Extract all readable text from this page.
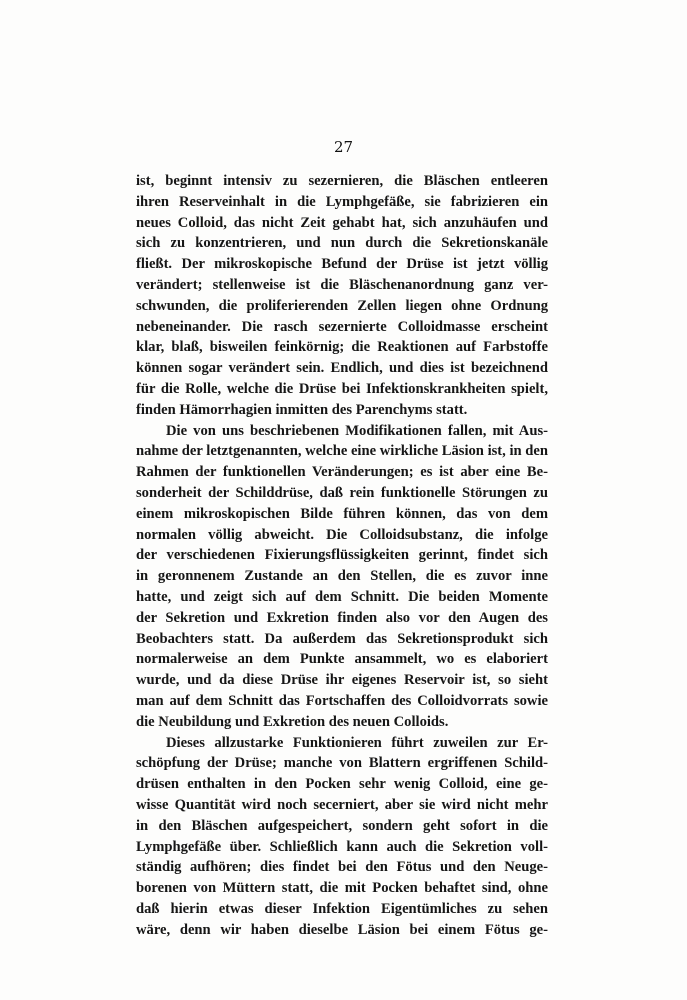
27
ist, beginnt intensiv zu sezernieren, die Bläschen entleeren
ihren Reserveinhalt in die Lymphgefäße, sie fabrizieren ein
neues Colloid, das nicht Zeit gehabt hat, sich anzuhäufen und
sich zu konzentrieren, und nun durch die Sekretionskanäle
fließt. Der mikroskopische Befund der Drüse ist jetzt völlig
verändert; stellenweise ist die Bläschenanordnung ganz ver-
schwunden, die proliferierenden Zellen liegen ohne Ordnung
nebeneinander. Die rasch sezernierte Colloidmasse erscheint
klar, blaß, bisweilen feinkörnig; die Reaktionen auf Farbstoffe
können sogar verändert sein. Endlich, und dies ist bezeichnend
für die Rolle, welche die Drüse bei Infektionskrankheiten spielt,
finden Hämorrhagien inmitten des Parenchyms statt.
Die von uns beschriebenen Modifikationen fallen, mit Aus-
nahme der letztgenannten, welche eine wirkliche Läsion ist, in den
Rahmen der funktionellen Veränderungen; es ist aber eine Be-
sonderheit der Schilddrüse, daß rein funktionelle Störungen zu
einem mikroskopischen Bilde führen können, das von dem
normalen völlig abweicht. Die Colloidsubstanz, die infolge
der verschiedenen Fixierungsflüssigkeiten gerinnt, findet sich
in geronnenem Zustande an den Stellen, die es zuvor inne
hatte, und zeigt sich auf dem Schnitt. Die beiden Momente
der Sekretion und Exkretion finden also vor den Augen des
Beobachters statt. Da außerdem das Sekretionsprodukt sich
normalerweise an dem Punkte ansammelt, wo es elaboriert
wurde, und da diese Drüse ihr eigenes Reservoir ist, so sieht
man auf dem Schnitt das Fortschaffen des Colloidvorrats sowie
die Neubildung und Exkretion des neuen Colloids.
Dieses allzustarke Funktionieren führt zuweilen zur Er-
schöpfung der Drüse; manche von Blattern ergriffenen Schild-
drüsen enthalten in den Pocken sehr wenig Colloid, eine ge-
wisse Quantität wird noch secerniert, aber sie wird nicht mehr
in den Bläschen aufgespeichert, sondern geht sofort in die
Lymphgefäße über. Schließlich kann auch die Sekretion voll-
ständig aufhören; dies findet bei den Fötus und den Neuge-
borenen von Müttern statt, die mit Pocken behaftet sind, ohne
daß hierin etwas dieser Infektion Eigentümliches zu sehen
wäre, denn wir haben dieselbe Läsion bei einem Fötus ge-
